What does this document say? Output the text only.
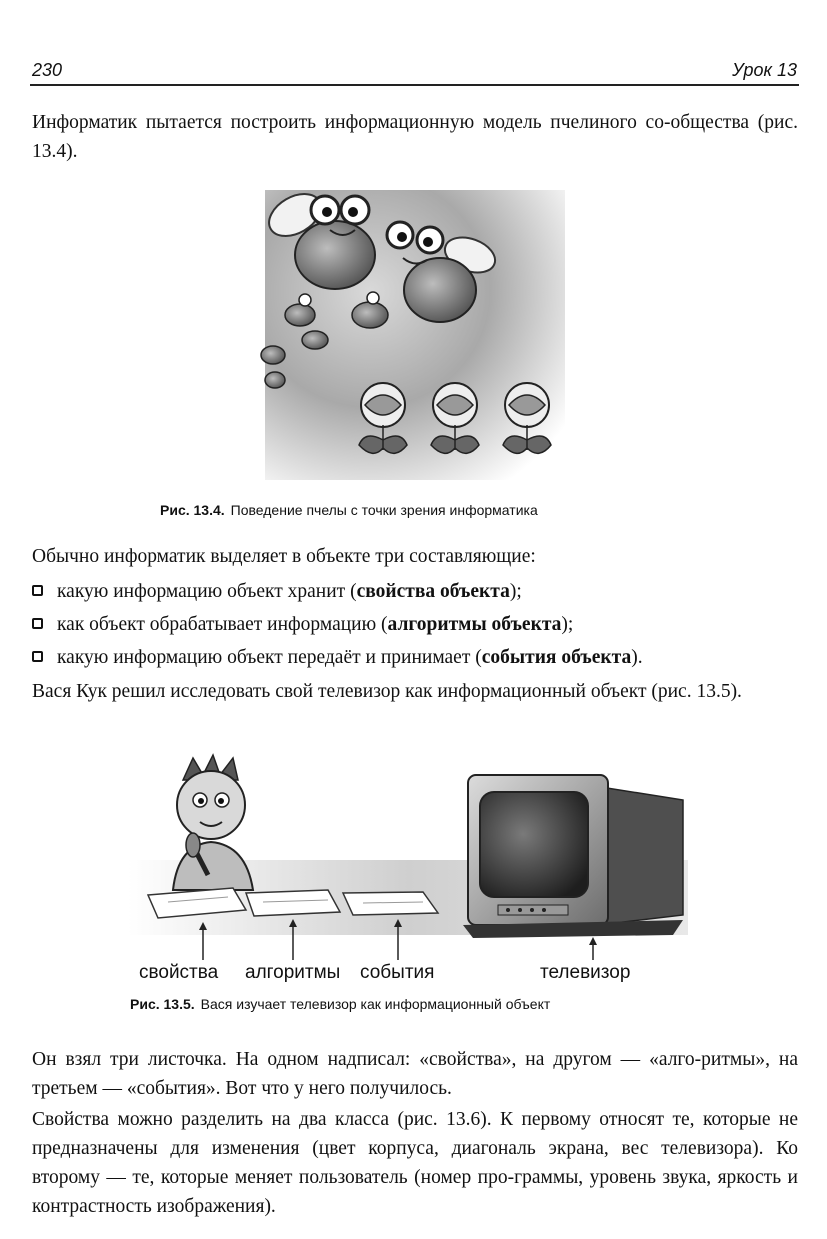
230	Урок 13

Информатик пытается построить информационную модель пчелиного со-общества (рис. 13.4).

Рис. 13.4. Поведение пчелы с точки зрения информатика

Обычно информатик выделяет в объекте три составляющие:

какую информацию объект хранит (свойства объекта);
как объект обрабатывает информацию (алгоритмы объекта);
какую информацию объект передаёт и принимает (события объекта).

Вася Кук решил исследовать свой телевизор как информационный объект (рис. 13.5).

свойства алгоритмы события	телевизор
Рис. 13.5. Вася изучает телевизор как информационный объект

Он взял три листочка. На одном надписал: «свойства», на другом — «алго-ритмы», на третьем — «события». Вот что у него получилось.

Свойства можно разделить на два класса (рис. 13.6). К первому относят те, которые не предназначены для изменения (цвет корпуса, диагональ экрана, вес телевизора). Ко второму — те, которые меняет пользователь (номер про-граммы, уровень звука, яркость и контрастность изображения).
